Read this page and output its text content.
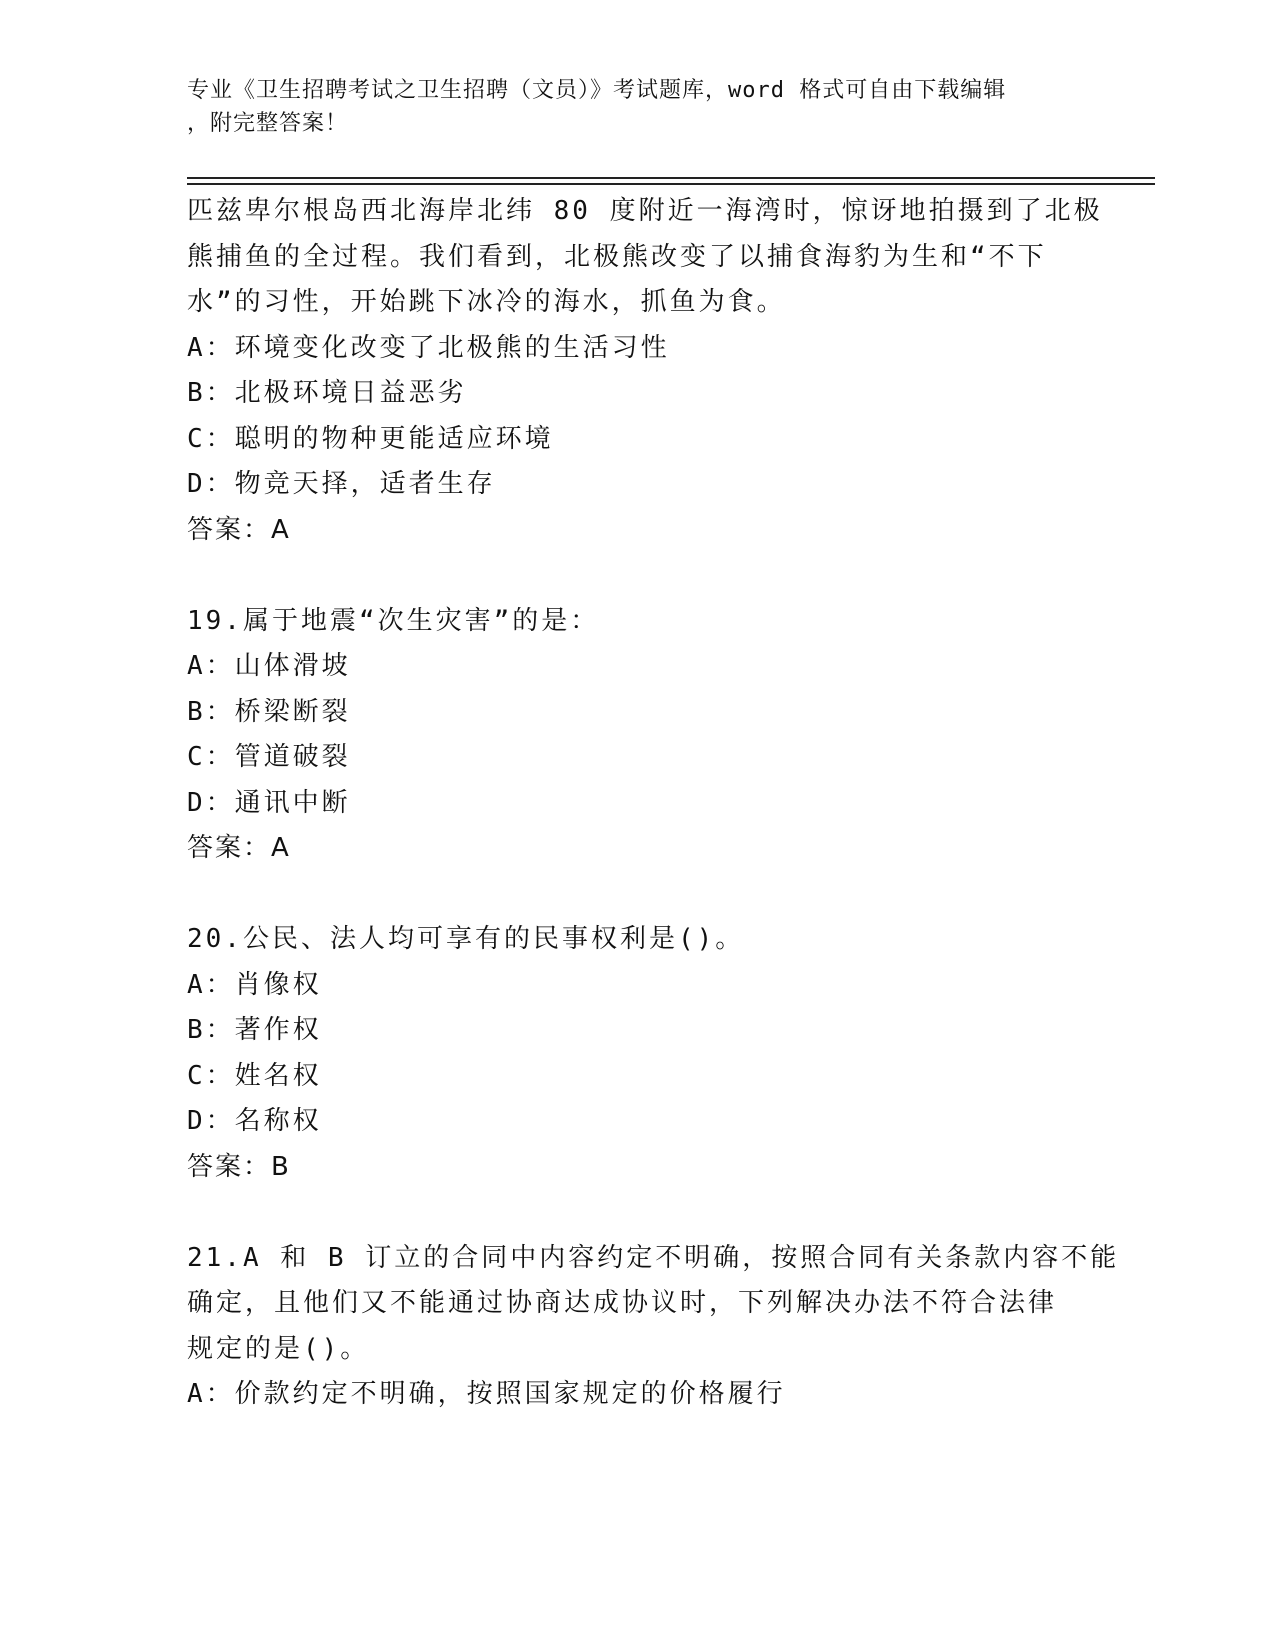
专业《卫生招聘考试之卫生招聘（文员）》考试题库，word 格式可自由下载编辑
，附完整答案！
匹兹卑尔根岛西北海岸北纬 80 度附近一海湾时，惊讶地拍摄到了北极
熊捕鱼的全过程。我们看到，北极熊改变了以捕食海豹为生和“不下
水”的习性，开始跳下冰冷的海水，抓鱼为食。
A：环境变化改变了北极熊的生活习性
B：北极环境日益恶劣
C：聪明的物种更能适应环境
D：物竞天择，适者生存
答案：A
19.属于地震“次生灾害”的是：
A：山体滑坡
B：桥梁断裂
C：管道破裂
D：通讯中断
答案：A
20.公民、法人均可享有的民事权利是()。
A：肖像权
B：著作权
C：姓名权
D：名称权
答案：B
21.A 和 B 订立的合同中内容约定不明确，按照合同有关条款内容不能
确定，且他们又不能通过协商达成协议时，下列解决办法不符合法律
规定的是()。
A：价款约定不明确，按照国家规定的价格履行
